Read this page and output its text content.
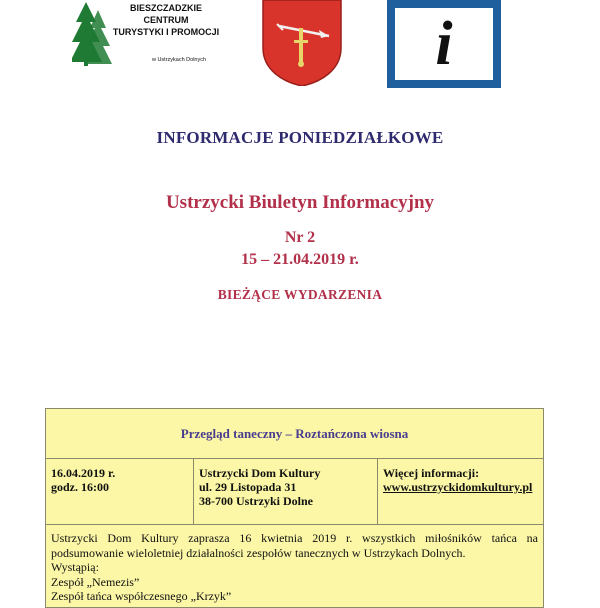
BIESZCZADZKIE
CENTRUM
TURYSTYKI I PROMOCJI
w Ustrzykach Dolnych	i
INFORMACJE PONIEDZIAŁKOWE
Ustrzycki Biuletyn Informacyjny
Nr 2
15 – 21.04.2019 r.
BIEŻĄCE WYDARZENIA
Przegląd taneczny – Roztańczona wiosna
16.04.2019 r.
godz. 16:00
Ustrzycki Dom Kultury
ul. 29 Listopada 31
38-700 Ustrzyki Dolne
Więcej informacji:
www.ustrzyckidomkultury.pl

Ustrzycki Dom Kultury zaprasza 16 kwietnia 2019 r. wszystkich miłośników tańca na podsumowanie wieloletniej działalności zespołów tanecznych w Ustrzykach Dolnych.

Wystąpią:

Zespół „Nemezis”

Zespół tańca współczesnego „Krzyk”
